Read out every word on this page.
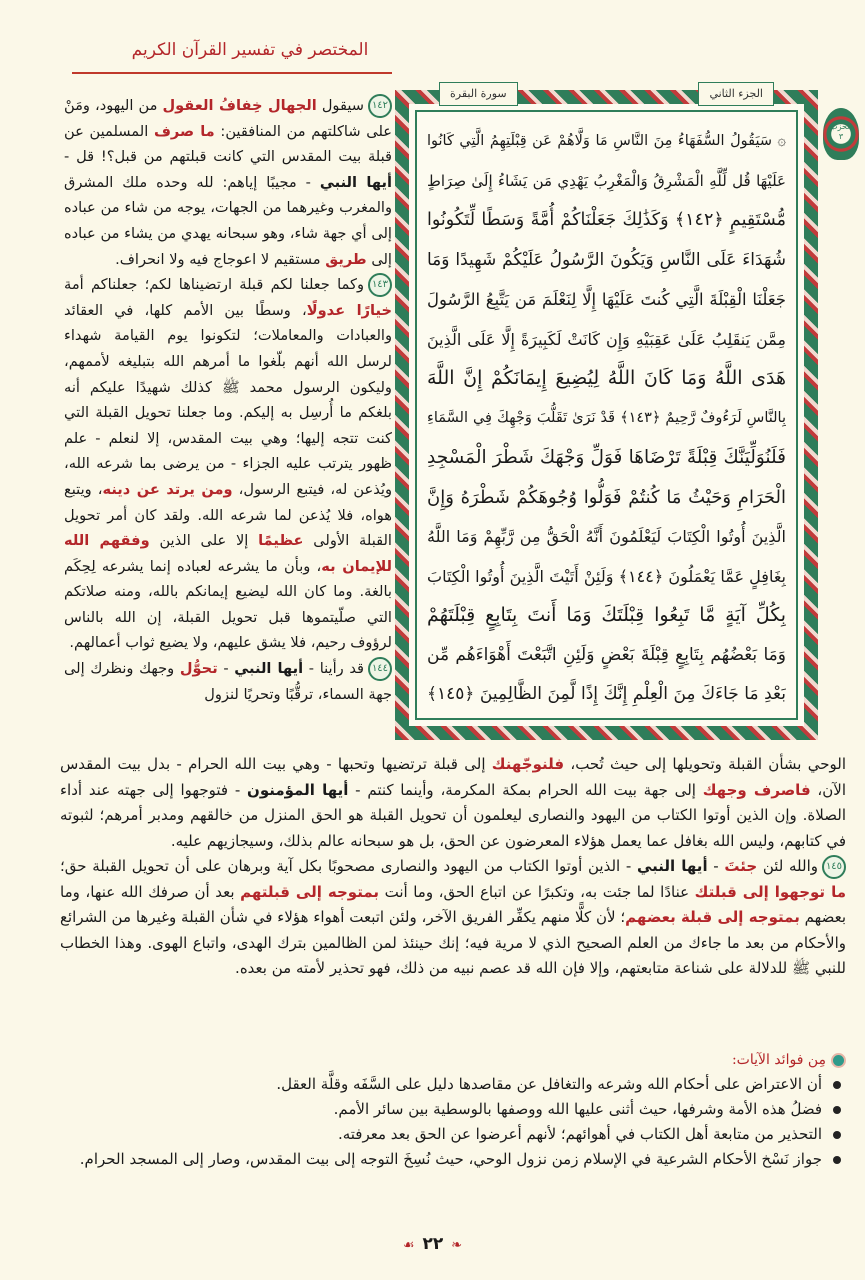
المختصر في تفسير القرآن الكريم
الحزب ٣
الجزء الثاني
سورة البقرة
۞ سَيَقُولُ السُّفَهَاءُ مِنَ النَّاسِ مَا وَلَّاهُمْ عَن قِبْلَتِهِمُ الَّتِي كَانُوا
عَلَيْهَا قُل لِّلَّهِ الْمَشْرِقُ وَالْمَغْرِبُ يَهْدِي مَن يَشَاءُ إِلَىٰ صِرَاطٍ
مُّسْتَقِيمٍ ﴿١٤٢﴾ وَكَذَٰلِكَ جَعَلْنَاكُمْ أُمَّةً وَسَطًا لِّتَكُونُوا
شُهَدَاءَ عَلَى النَّاسِ وَيَكُونَ الرَّسُولُ عَلَيْكُمْ شَهِيدًا وَمَا
جَعَلْنَا الْقِبْلَةَ الَّتِي كُنتَ عَلَيْهَا إِلَّا لِنَعْلَمَ مَن يَتَّبِعُ الرَّسُولَ
مِمَّن يَنقَلِبُ عَلَىٰ عَقِبَيْهِ وَإِن كَانَتْ لَكَبِيرَةً إِلَّا عَلَى الَّذِينَ
هَدَى اللَّهُ وَمَا كَانَ اللَّهُ لِيُضِيعَ إِيمَانَكُمْ إِنَّ اللَّهَ
بِالنَّاسِ لَرَءُوفٌ رَّحِيمٌ ﴿١٤٣﴾ قَدْ نَرَىٰ تَقَلُّبَ وَجْهِكَ فِي السَّمَاءِ
فَلَنُوَلِّيَنَّكَ قِبْلَةً تَرْضَاهَا فَوَلِّ وَجْهَكَ شَطْرَ الْمَسْجِدِ
الْحَرَامِ وَحَيْثُ مَا كُنتُمْ فَوَلُّوا وُجُوهَكُمْ شَطْرَهُ وَإِنَّ
الَّذِينَ أُوتُوا الْكِتَابَ لَيَعْلَمُونَ أَنَّهُ الْحَقُّ مِن رَّبِّهِمْ وَمَا اللَّهُ
بِغَافِلٍ عَمَّا يَعْمَلُونَ ﴿١٤٤﴾ وَلَئِنْ أَتَيْتَ الَّذِينَ أُوتُوا الْكِتَابَ
بِكُلِّ آيَةٍ مَّا تَبِعُوا قِبْلَتَكَ وَمَا أَنتَ بِتَابِعٍ قِبْلَتَهُمْ
وَمَا بَعْضُهُم بِتَابِعٍ قِبْلَةَ بَعْضٍ وَلَئِنِ اتَّبَعْتَ أَهْوَاءَهُم مِّن
بَعْدِ مَا جَاءَكَ مِنَ الْعِلْمِ إِنَّكَ إِذًا لَّمِنَ الظَّالِمِينَ ﴿١٤٥﴾

١٤٢سيقول الجهال خِفافُ العقول من اليهود، ومَنْ على شاكلتهم من المنافقين: ما صرف المسلمين عن قبلة بيت المقدس التي كانت قبلتهم من قبل؟! قل - أيها النبي - مجيبًا إياهم: لله وحده ملك المشرق والمغرب وغيرهما من الجهات، يوجه من شاء من عباده إلى أي جهة شاء، وهو سبحانه يهدي من يشاء من عباده إلى طريق مستقيم لا اعوجاج فيه ولا انحراف.

١٤٣وكما جعلنا لكم قبلة ارتضيناها لكم؛ جعلناكم أمة خيارًا عدولًا، وسطًا بين الأمم كلها، في العقائد والعبادات والمعاملات؛ لتكونوا يوم القيامة شهداء لرسل الله أنهم بلّغوا ما أمرهم الله بتبليغه لأممهم، وليكون الرسول محمد ﷺ كذلك شهيدًا عليكم أنه بلغكم ما أُرسِل به إليكم. وما جعلنا تحويل القبلة التي كنت تتجه إليها؛ وهي بيت المقدس، إلا لنعلم - علم ظهور يترتب عليه الجزاء - من يرضى بما شرعه الله، ويُذعن له، فيتبع الرسول، ومن يرتد عن دينه، ويتبع هواه، فلا يُذعن لما شرعه الله. ولقد كان أمر تحويل القبلة الأولى عظيمًا إلا على الذين وفقهم الله للإيمان به، وبأن ما يشرعه لعباده إنما يشرعه لِحِكَم بالغة. وما كان الله ليضيع إيمانكم بالله، ومنه صلاتكم التي صلّيتموها قبل تحويل القبلة، إن الله بالناس لرؤوف رحيم، فلا يشق عليهم، ولا يضيع ثواب أعمالهم.

١٤٤قد رأينا - أيها النبي - تحوُّل وجهك ونظرك إلى جهة السماء، ترقُّبًا وتحريًا لنزول

الوحي بشأن القبلة وتحويلها إلى حيث تُحب، فلنوجّهنك إلى قبلة ترتضيها وتحبها - وهي بيت الله الحرام - بدل بيت المقدس الآن، فاصرف وجهك إلى جهة بيت الله الحرام بمكة المكرمة، وأينما كنتم - أيها المؤمنون - فتوجهوا إلى جهته عند أداء الصلاة. وإن الذين أوتوا الكتاب من اليهود والنصارى ليعلمون أن تحويل القبلة هو الحق المنزل من خالقهم ومدبر أمرهم؛ لثبوته في كتابهم، وليس الله بغافل عما يعمل هؤلاء المعرضون عن الحق، بل هو سبحانه عالم بذلك، وسيجازيهم عليه.

١٤٥والله لئن جئتَ - أيها النبي - الذين أوتوا الكتاب من اليهود والنصارى مصحوبًا بكل آية وبرهان على أن تحويل القبلة حق؛ ما توجهوا إلى قبلتك عنادًا لما جئت به، وتكبرًا عن اتباع الحق، وما أنت بمتوجه إلى قبلتهم بعد أن صرفك الله عنها، وما بعضهم بمتوجه إلى قبلة بعضهم؛ لأن كلًّا منهم يكفِّر الفريق الآخر، ولئن اتبعت أهواء هؤلاء في شأن القبلة وغيرها من الشرائع والأحكام من بعد ما جاءك من العلم الصحيح الذي لا مرية فيه؛ إنك حينئذ لمن الظالمين بترك الهدى، واتباع الهوى. وهذا الخطاب للنبي ﷺ للدلالة على شناعة متابعتهم، وإلا فإن الله قد عصم نبيه من ذلك، فهو تحذير لأمته من بعده.

مِن فوائد الآيات:
أن الاعتراض على أحكام الله وشرعه والتغافل عن مقاصدها دليل على السَّفَه وقلَّة العقل.
فضلُ هذه الأمة وشرفها، حيث أثنى عليها الله ووصفها بالوسطية بين سائر الأمم.
التحذير من متابعة أهل الكتاب في أهوائهم؛ لأنهم أعرضوا عن الحق بعد معرفته.
جواز نَسْخ الأحكام الشرعية في الإسلام زمن نزول الوحي، حيث نُسِخَ التوجه إلى بيت المقدس، وصار إلى المسجد الحرام.
❧٢٢☙
